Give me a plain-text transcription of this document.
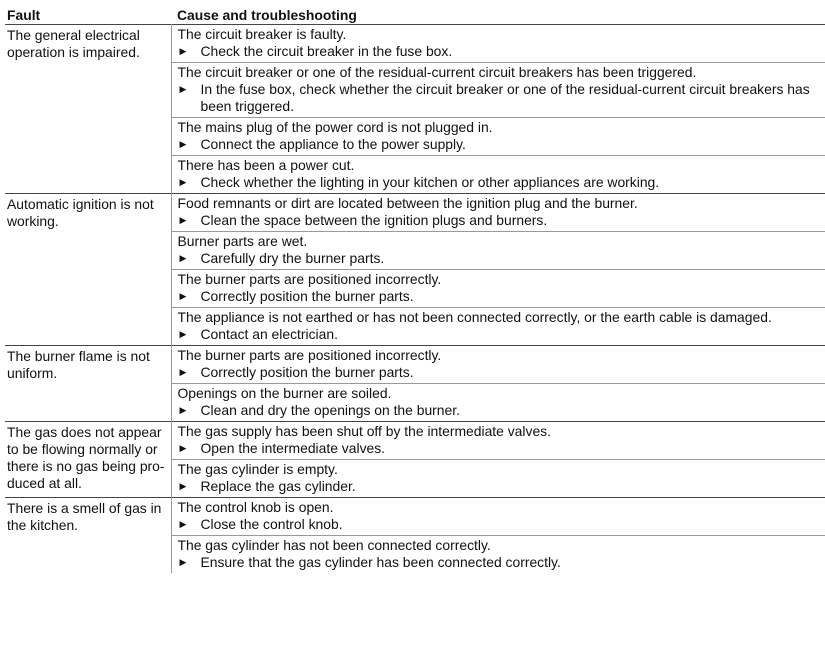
Fault	Cause and troubleshooting
The general electrical operation is impaired.	The circuit breaker is faulty.
▶ Check the circuit breaker in the fuse box.

	The circuit breaker or one of the residual-current circuit breakers has been triggered.
▶ In the fuse box, check whether the circuit breaker or one of the residual-current circuit breakers has been triggered.

	The mains plug of the power cord is not plugged in.
▶ Connect the appliance to the power supply.

	There has been a power cut.
▶ Check whether the lighting in your kitchen or other appliances are working.

Automatic ignition is not working.	Food remnants or dirt are located between the ignition plug and the burner.
▶ Clean the space between the ignition plugs and burners.

	Burner parts are wet.
▶ Carefully dry the burner parts.

	The burner parts are positioned incorrectly.
▶ Correctly position the burner parts.

	The appliance is not earthed or has not been connected correctly, or the earth cable is damaged.
▶ Contact an electrician.

The burner flame is not uniform.	The burner parts are positioned incorrectly.
▶ Correctly position the burner parts.

	Openings on the burner are soiled.
▶ Clean and dry the openings on the burner.

The gas does not appear to be flowing normally or there is no gas being produced at all.	The gas supply has been shut off by the intermediate valves.
▶ Open the intermediate valves.

	The gas cylinder is empty.
▶ Replace the gas cylinder.

There is a smell of gas in the kitchen.	The control knob is open.
▶ Close the control knob.

	The gas cylinder has not been connected correctly.
▶ Ensure that the gas cylinder has been connected correctly.
